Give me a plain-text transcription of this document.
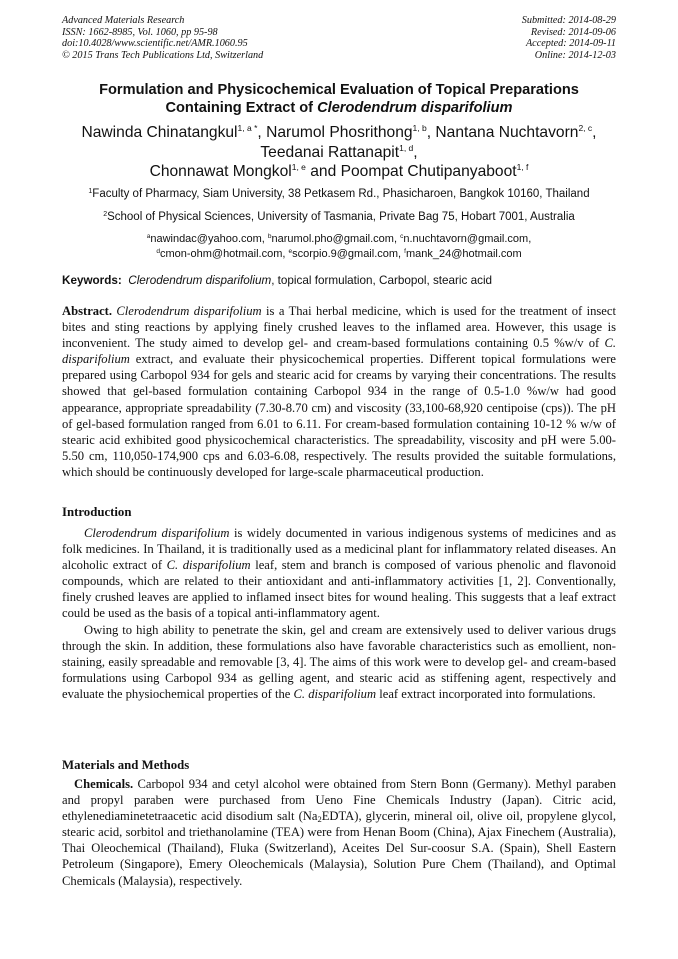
Advanced Materials Research
ISSN: 1662-8985, Vol. 1060, pp 95-98
doi:10.4028/www.scientific.net/AMR.1060.95
© 2015 Trans Tech Publications Ltd, Switzerland
Submitted: 2014-08-29
Revised: 2014-09-06
Accepted: 2014-09-11
Online: 2014-12-03
Formulation and Physicochemical Evaluation of Topical Preparations
Containing Extract of Clerodendrum disparifolium
Nawinda Chinatangkul$^{1, a *}$, Narumol Phosrithong$^{1, b}$, Nantana Nuchtavorn$^{2, c}$,
Teedanai Rattanapit$^{1, d}$,
Chonnawat Mongkol$^{1, e}$ and Poompat Chutipanyaboot$^{1, f}$
$^1$Faculty of Pharmacy, Siam University, 38 Petkasem Rd., Phasicharoen, Bangkok 10160, Thailand
$^2$School of Physical Sciences, University of Tasmania, Private Bag 75, Hobart 7001, Australia
$^a$nawindac@yahoo.com, $^b$narumol.pho@gmail.com, $^c$n.nuchtavorn@gmail.com,
$^d$cmon-ohm@hotmail.com, $^e$scorpio.9@gmail.com, $^f$mank_24@hotmail.com
Keywords: Clerodendrum disparifolium, topical formulation, Carbopol, stearic acid

Abstract. Clerodendrum disparifolium is a Thai herbal medicine, which is used for the treatment of insect bites and sting reactions by applying finely crushed leaves to the inflamed area. However, this usage is inconvenient. The study aimed to develop gel- and cream-based formulations containing 0.5 %w/v of C. disparifolium extract, and evaluate their physicochemical properties. Different topical formulations were prepared using Carbopol 934 for gels and stearic acid for creams by varying their concentrations. The results showed that gel-based formulation containing Carbopol 934 in the range of 0.5-1.0 %w/w had good appearance, appropriate spreadability (7.30-8.70 cm) and viscosity (33,100-68,920 centipoise (cps)). The pH of gel-based formulation ranged from 6.01 to 6.11. For cream-based formulation containing 10-12 % w/w of stearic acid exhibited good physicochemical characteristics. The spreadability, viscosity and pH were 5.00-5.50 cm, 110,050-174,900 cps and 6.03-6.08, respectively. The results provided the suitable formulations, which should be continuously developed for large-scale pharmaceutical production.

Introduction

Clerodendrum disparifolium is widely documented in various indigenous systems of medicines and as folk medicines. In Thailand, it is traditionally used as a medicinal plant for inflammatory related diseases. An alcoholic extract of C. disparifolium leaf, stem and branch is composed of various phenolic and flavonoid compounds, which are related to their antioxidant and anti-inflammatory activities [1, 2]. Conventionally, finely crushed leaves are applied to inflamed insect bites for wound healing. This suggests that a leaf extract could be used as the basis of a topical anti-inflammatory agent.

Owing to high ability to penetrate the skin, gel and cream are extensively used to deliver various drugs through the skin. In addition, these formulations also have favorable characteristics such as emollient, non-staining, easily spreadable and removable [3, 4]. The aims of this work were to develop gel- and cream-based formulations using Carbopol 934 as gelling agent, and stearic acid as stiffening agent, respectively and evaluate the physiochemical properties of the C. disparifolium leaf extract incorporated into formulations.

Materials and Methods

Chemicals. Carbopol 934 and cetyl alcohol were obtained from Stern Bonn (Germany). Methyl paraben and propyl paraben were purchased from Ueno Fine Chemicals Industry (Japan). Citric acid, ethylenediaminetetraacetic acid disodium salt $(Na_2EDTA)$, glycerin, mineral oil, olive oil, propylene glycol, stearic acid, sorbitol and triethanolamine (TEA) were from Henan Boom (China), Ajax Finechem (Australia), Thai Oleochemical (Thailand), Fluka (Switzerland), Aceites Del Sur-coosur S.A. (Spain), Shell Eastern Petroleum (Singapore), Emery Oleochemicals (Malaysia), Solution Pure Chem (Thailand), and Optimal Chemicals (Malaysia), respectively.
